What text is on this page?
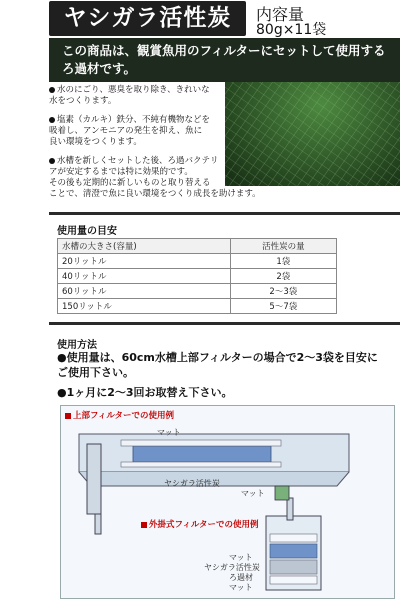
ヤシガラ活性炭	内容量
80g×11袋
この商品は、観賞魚用のフィルターにセットして使用するろ過材です。
水のにごり、悪臭を取り除き、きれいな
水をつくります。
塩素（カルキ）鉄分、不純有機物などを
吸着し、アンモニアの発生を抑え、魚に
良い環境をつくります。
水槽を新しくセットした後、ろ過バクテリ
アが安定するまでは特に効果的です。
その後も定期的に新しいものと取り替える
ことで、清澄で魚に良い環境をつくり成長を助けます。
使用量の目安
水槽の大きさ(容量)	活性炭の量
20リットル	1袋
40リットル	2袋
60リットル	2〜3袋
150リットル	5〜7袋
使用方法
●使用量は、60cm水槽上部フィルターの場合で2〜3袋を目安に
ご使用下さい。
●1ヶ月に2〜3回お取替え下さい。
上部フィルターでの使用例
マット
ヤシガラ活性炭
マット
外掛式フィルターでの使用例
マット
ヤシガラ活性炭
ろ過材
マット
